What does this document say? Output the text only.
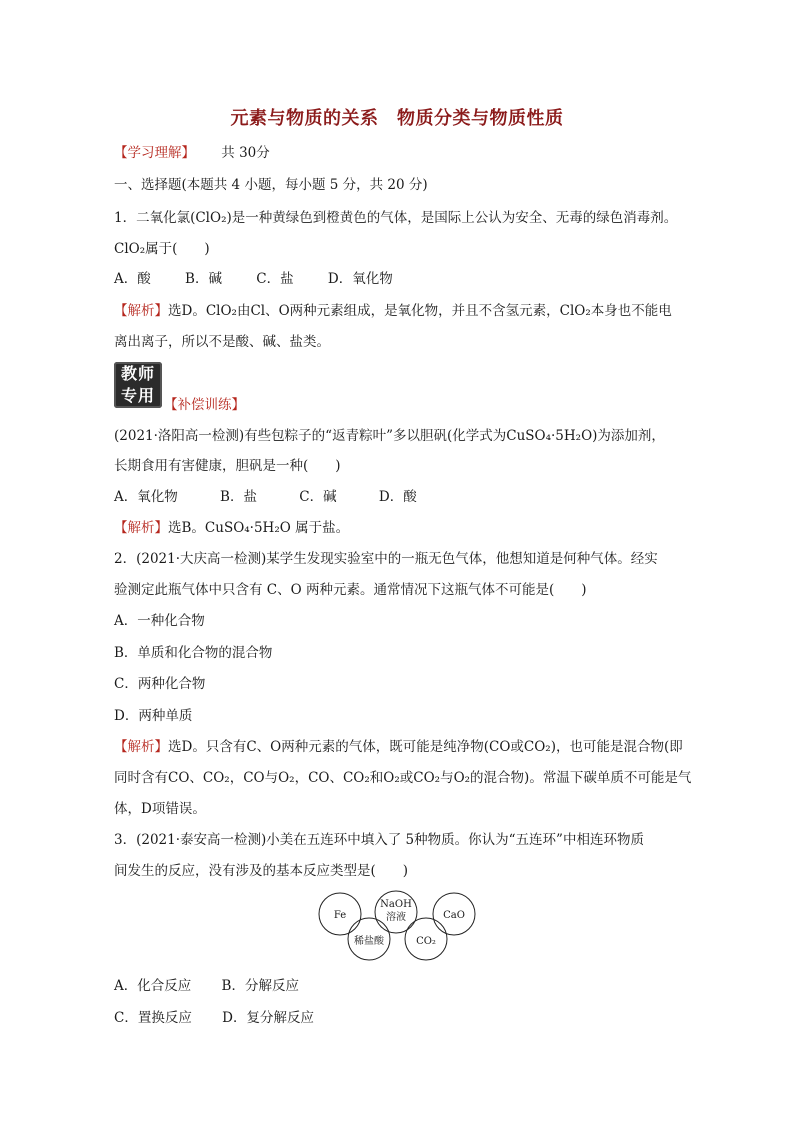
元素与物质的关系　物质分类与物质性质
【学习理解】 共 30分
一、选择题(本题共 4 小题，每小题 5 分，共 20 分)
1．二氧化氯(ClO₂)是一种黄绿色到橙黄色的气体，是国际上公认为安全、无毒的绿色消毒剂。
ClO₂属于(　　)
A．酸	B．碱	C．盐	D．氧化物
【解析】选D。ClO₂由Cl、O两种元素组成，是氧化物，并且不含氢元素，ClO₂本身也不能电
离出离子，所以不是酸、碱、盐类。
教师
专用 【补偿训练】
(2021·洛阳高一检测)有些包粽子的“返青粽叶”多以胆矾(化学式为CuSO₄·5H₂O)为添加剂，
长期食用有害健康，胆矾是一种(　　)
A．氧化物	B．盐	C．碱	D．酸
【解析】选B。CuSO₄·5H₂O 属于盐。
2．(2021·大庆高一检测)某学生发现实验室中的一瓶无色气体，他想知道是何种气体。经实
验测定此瓶气体中只含有 C、O 两种元素。通常情况下这瓶气体不可能是(　　)
A．一种化合物
B．单质和化合物的混合物
C．两种化合物
D．两种单质
【解析】选D。只含有C、O两种元素的气体，既可能是纯净物(CO或CO₂)，也可能是混合物(即
同时含有CO、CO₂，CO与O₂，CO、CO₂和O₂或CO₂与O₂的混合物)。常温下碳单质不可能是气
体，D项错误。
3．(2021·泰安高一检测)小美在五连环中填入了 5种物质。你认为“五连环”中相连环物质
间发生的反应，没有涉及的基本反应类型是(　　)
Fe
稀盐酸
NaOH
溶液
CO₂
CaO
A．化合反应 B．分解反应
C．置换反应 D．复分解反应
